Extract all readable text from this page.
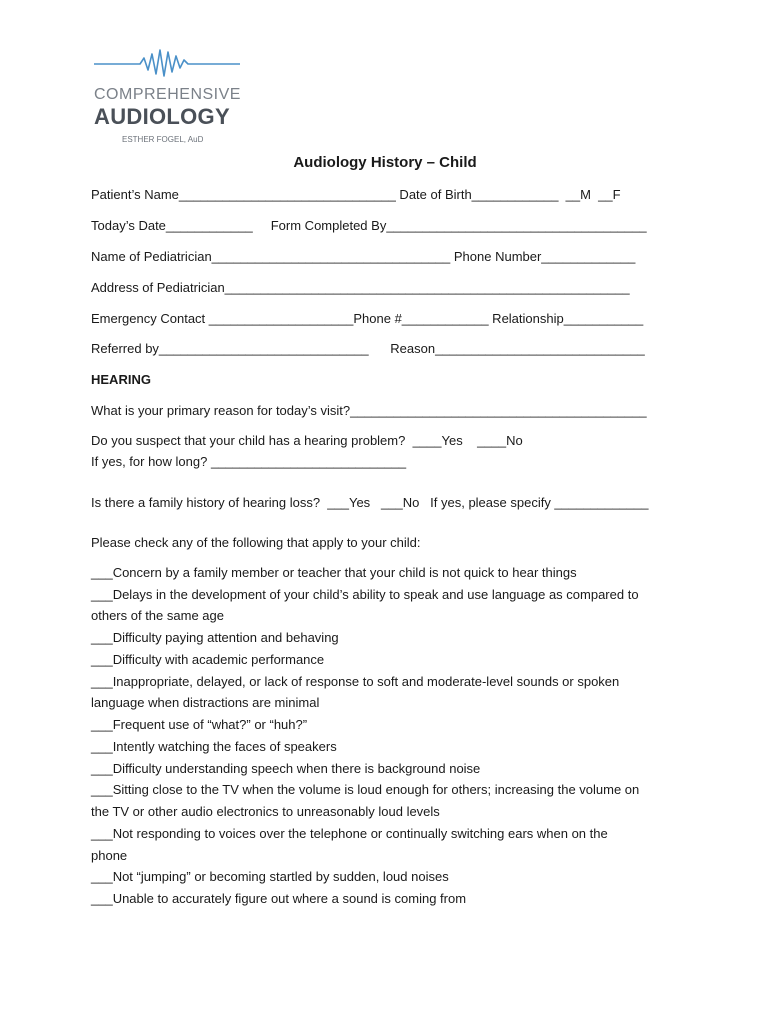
COMPREHENSIVE
AUDIOLOGY
ESTHER FOGEL, AuD
Audiology History – Child
Patient’s Name______________________________ Date of Birth____________  __M  __F
Today’s Date____________     Form Completed By____________________________________
Name of Pediatrician_________________________________ Phone Number_____________
Address of Pediatrician________________________________________________________
Emergency Contact ____________________Phone #____________ Relationship___________
Referred by_____________________________      Reason_____________________________
HEARING
What is your primary reason for today’s visit?_________________________________________
Do you suspect that your child has a hearing problem?  ____Yes    ____No
If yes, for how long? ___________________________
Is there a family history of hearing loss?  ___Yes   ___No   If yes, please specify _____________
Please check any of the following that apply to your child:
___Concern by a family member or teacher that your child is not quick to hear things
___Delays in the development of your child’s ability to speak and use language as compared to
others of the same age
___Difficulty paying attention and behaving
___Difficulty with academic performance
___Inappropriate, delayed, or lack of response to soft and moderate-level sounds or spoken
language when distractions are minimal
___Frequent use of “what?” or “huh?”
___Intently watching the faces of speakers
___Difficulty understanding speech when there is background noise
___Sitting close to the TV when the volume is loud enough for others; increasing the volume on
the TV or other audio electronics to unreasonably loud levels
___Not responding to voices over the telephone or continually switching ears when on the
phone
___Not “jumping” or becoming startled by sudden, loud noises
___Unable to accurately figure out where a sound is coming from
